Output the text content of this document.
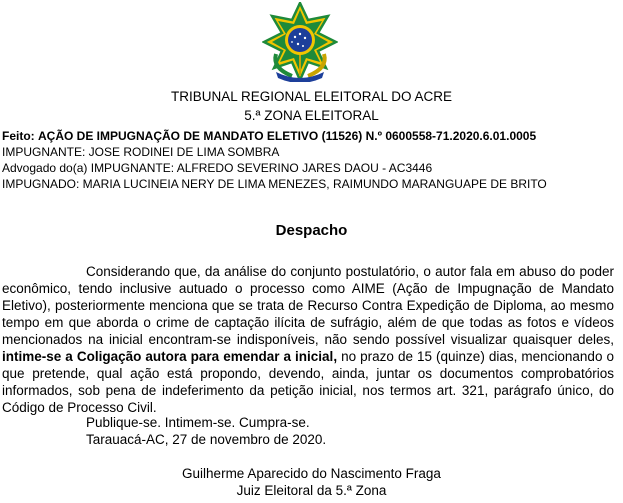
TRIBUNAL REGIONAL ELEITORAL DO ACRE
5.ª ZONA ELEITORAL
Feito: AÇÃO DE IMPUGNAÇÃO DE MANDATO ELETIVO (11526) N.º 0600558-71.2020.6.01.0005
IMPUGNANTE: JOSE RODINEI DE LIMA SOMBRA
Advogado do(a) IMPUGNANTE: ALFREDO SEVERINO JARES DAOU - AC3446
IMPUGNADO: MARIA LUCINEIA NERY DE LIMA MENEZES, RAIMUNDO MARANGUAPE DE BRITO
Despacho

Considerando que, da análise do conjunto postulatório, o autor fala em abuso do poder econômico, tendo inclusive autuado o processo como AIME (Ação de Impugnação de Mandato Eletivo), posteriormente menciona que se trata de Recurso Contra Expedição de Diploma, ao mesmo tempo em que aborda o crime de captação ilícita de sufrágio, além de que todas as fotos e vídeos mencionados na inicial encontram-se indisponíveis, não sendo possível visualizar quaisquer deles, intime-se a Coligação autora para emendar a inicial, no prazo de 15 (quinze) dias, mencionando o que pretende, qual ação está propondo, devendo, ainda, juntar os documentos comprobatórios informados, sob pena de indeferimento da petição inicial, nos termos art. 321, parágrafo único, do Código de Processo Civil.

Publique-se. Intimem-se. Cumpra-se.
Tarauacá-AC, 27 de novembro de 2020.
Guilherme Aparecido do Nascimento Fraga
Juiz Eleitoral da 5.ª Zona
